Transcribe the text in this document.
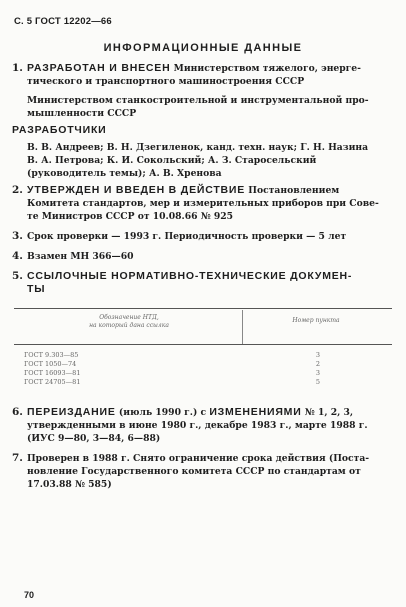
С. 5 ГОСТ 12202—66
ИНФОРМАЦИОННЫЕ ДАННЫЕ
1. РАЗРАБОТАН И ВНЕСЕН Министерством тяжелого, энерге-
тического и транспортного машиностроения СССР
Министерством станкостроительной и инструментальной про-
мышленности СССР
РАЗРАБОТЧИКИ
В. В. Андреев; В. Н. Дзегиленок, канд. техн. наук; Г. Н. Назина
В. А. Петрова; К. И. Сокольский; А. З. Старосельский
(руководитель темы); А. В. Хренова
2. УТВЕРЖДЕН И ВВЕДЕН В ДЕЙСТВИЕ Постановлением
Комитета стандартов, мер и измерительных приборов при Сове-
те Министров СССР от 10.08.66 № 925
3. Срок проверки — 1993 г. Периодичность проверки — 5 лет
4. Взамен МН 366—60
5. ССЫЛОЧНЫЕ НОРМАТИВНО-ТЕХНИЧЕСКИЕ ДОКУМЕН-
ТЫ
Обозначение НТД,
на который дана ссылка
Номер пункта
ГОСТ 9.303—85	3
ГОСТ 1050—74	2
ГОСТ 16093—81	3
ГОСТ 24705—81	5
6. ПЕРЕИЗДАНИЕ (июль 1990 г.) с ИЗМЕНЕНИЯМИ № 1, 2, 3,
утвержденными в июне 1980 г., декабре 1983 г., марте 1988 г.
(ИУС 9—80, 3—84, 6—88)
7. Проверен в 1988 г. Снято ограничение срока действия (Поста-
новление Государственного комитета СССР по стандартам от
17.03.88 № 585)
70
